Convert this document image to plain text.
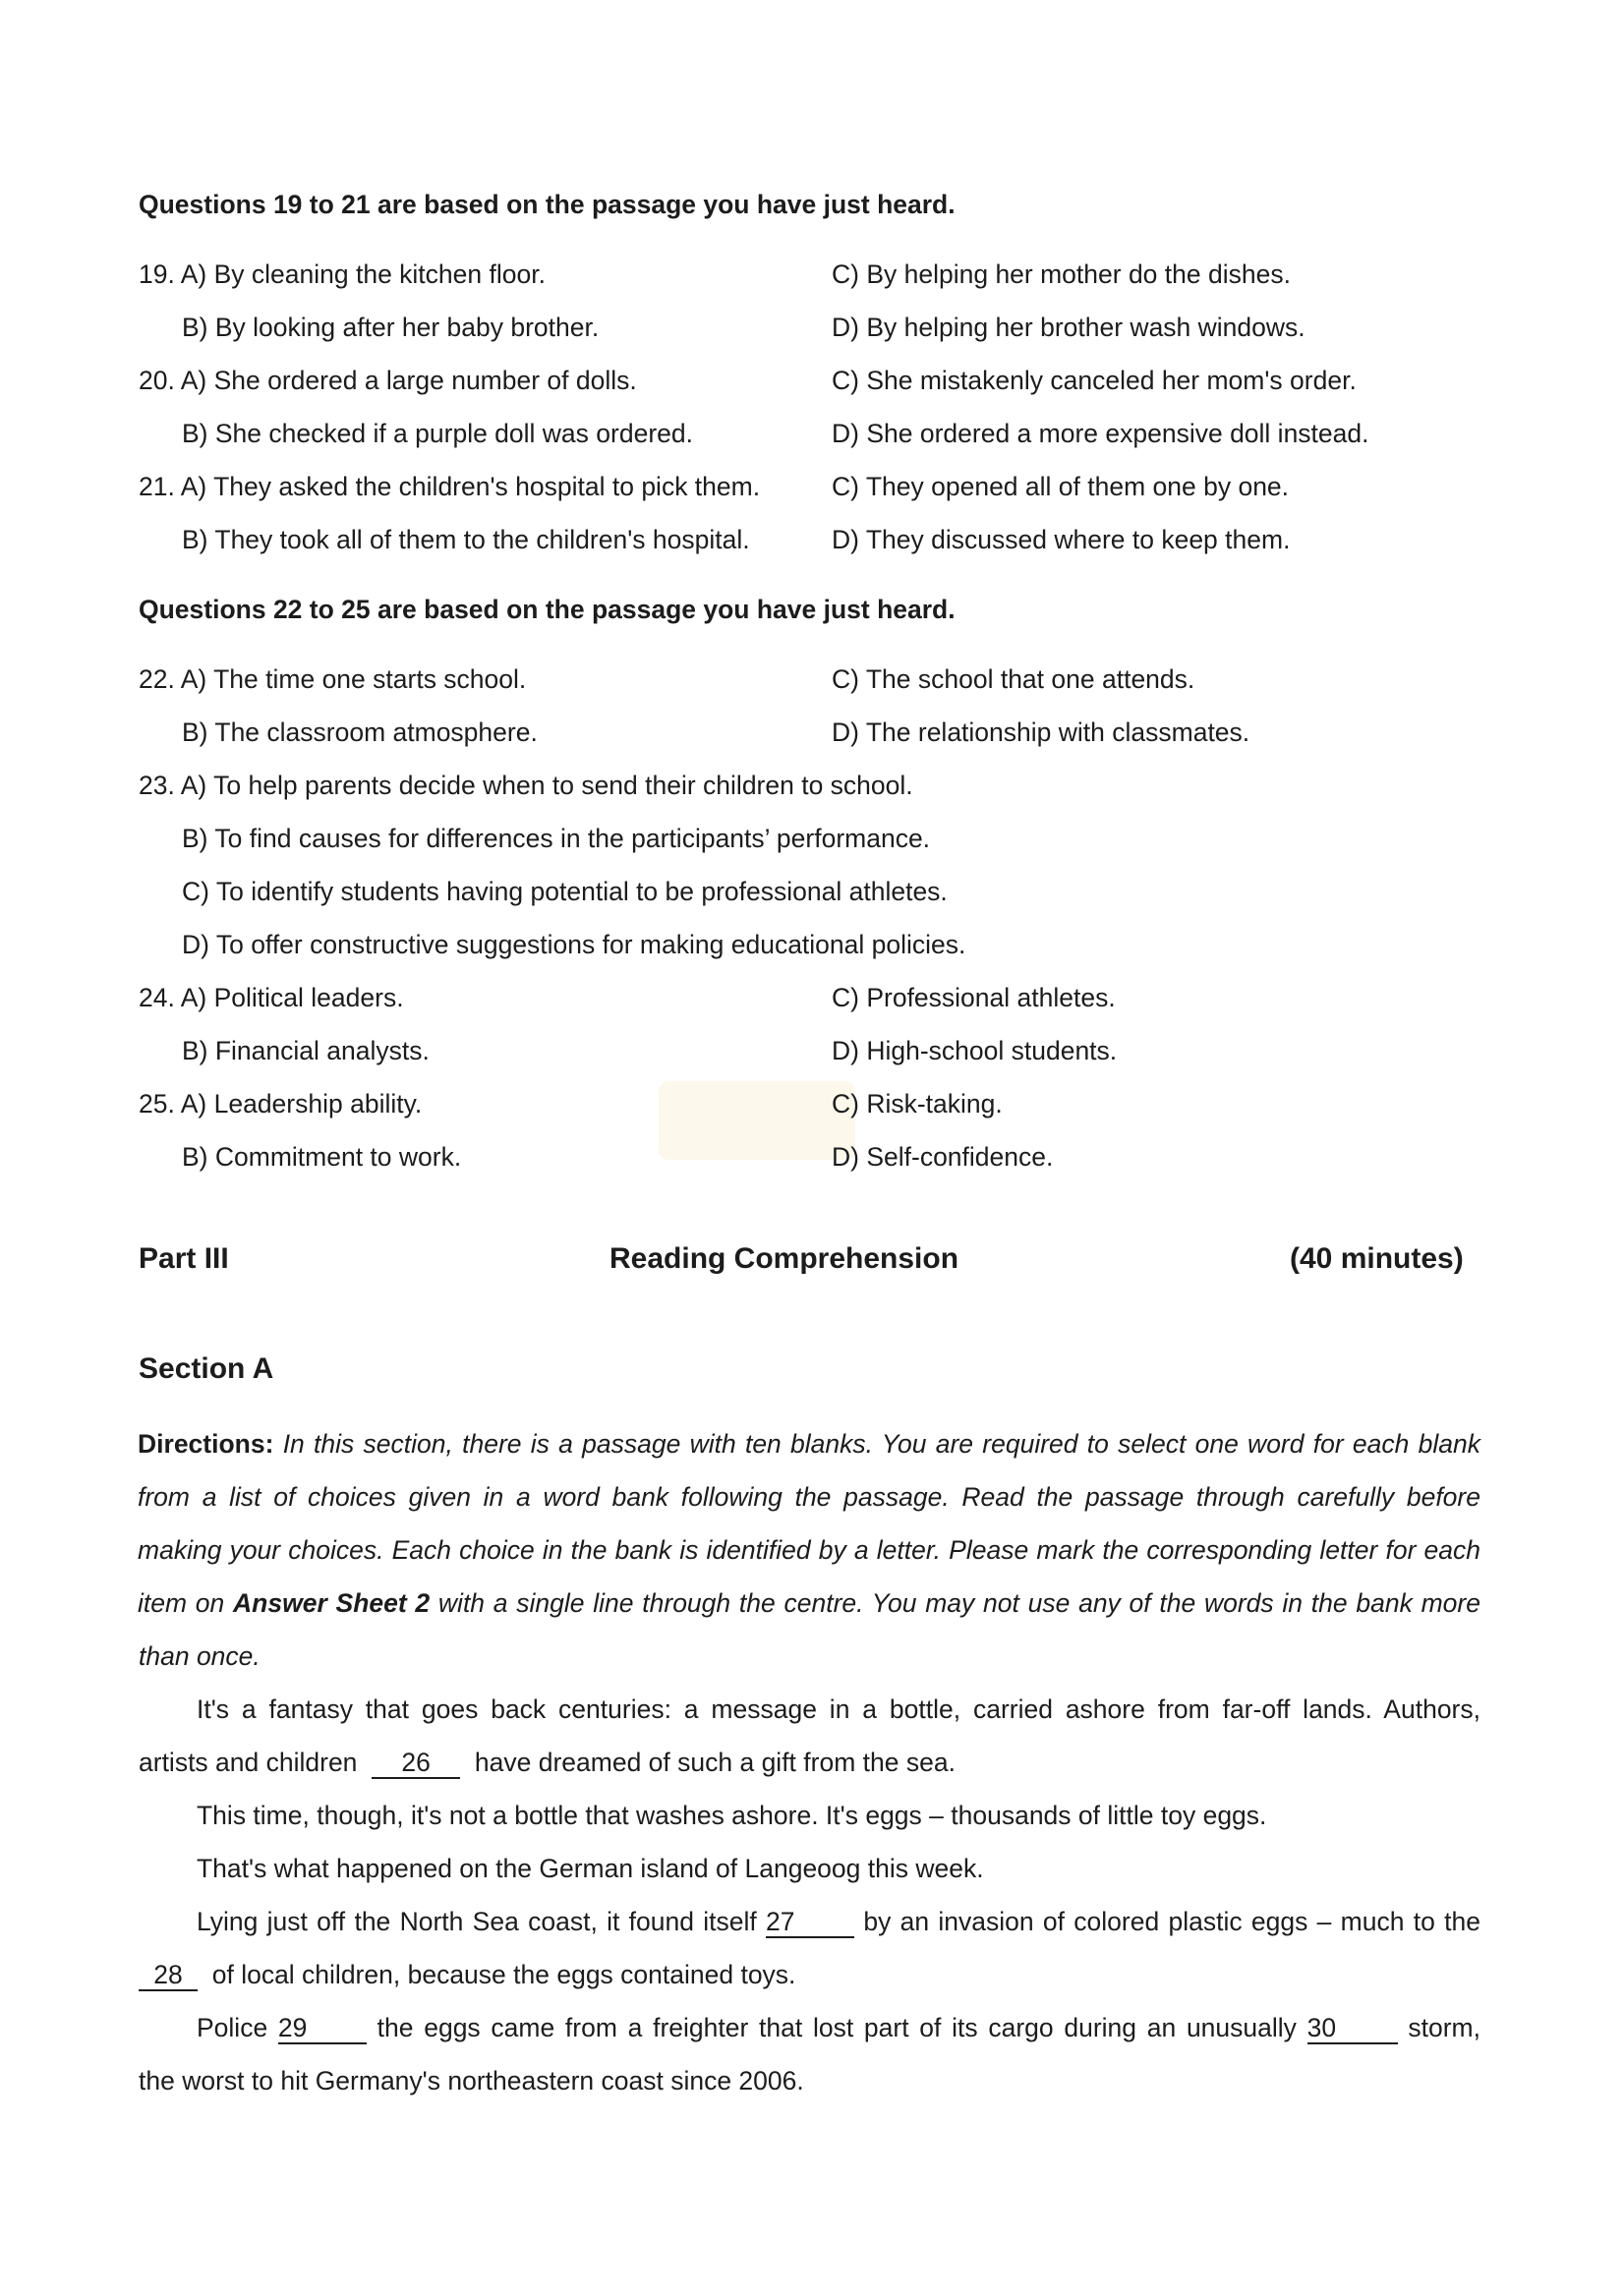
Questions 19 to 21 are based on the passage you have just heard.
19. A) By cleaning the kitchen floor.	C) By helping her mother do the dishes.
B) By looking after her baby brother.	D) By helping her brother wash windows.
20. A) She ordered a large number of dolls.	C) She mistakenly canceled her mom's order.
B) She checked if a purple doll was ordered.	D) She ordered a more expensive doll instead.
21. A) They asked the children's hospital to pick them.	C) They opened all of them one by one.
B) They took all of them to the children's hospital.	D) They discussed where to keep them.
Questions 22 to 25 are based on the passage you have just heard.
22. A) The time one starts school.	C) The school that one attends.
B) The classroom atmosphere.	D) The relationship with classmates.
23. A) To help parents decide when to send their children to school.
B) To find causes for differences in the participants’ performance.
C) To identify students having potential to be professional athletes.
D) To offer constructive suggestions for making educational policies.
24. A) Political leaders.	C) Professional athletes.
B) Financial analysts.	D) High-school students.
25. A) Leadership ability.	C) Risk-taking.
B) Commitment to work.	D) Self-confidence.
Part III	Reading Comprehension	(40 minutes)
Section A
Directions: In this section, there is a passage with ten blanks. You are required to select one word for each blank
from a list of choices given in a word bank following the passage. Read the passage through carefully before
making your choices. Each choice in the bank is identified by a letter. Please mark the corresponding letter for each
item on Answer Sheet 2 with a single line through the centre. You may not use any of the words in the bank more
than once.
It's a fantasy that goes back centuries: a message in a bottle, carried ashore from far-off lands. Authors,
artists and children 26 have dreamed of such a gift from the sea.
This time, though, it's not a bottle that washes ashore. It's eggs – thousands of little toy eggs.
That's what happened on the German island of Langeoog this week.
Lying just off the North Sea coast, it found itself 27	by an invasion of colored plastic eggs – much to the
28 of local children, because the eggs contained toys.
Police 29	the eggs came from a freighter that lost part of its cargo during an unusually 30	storm,
the worst to hit Germany's northeastern coast since 2006.
